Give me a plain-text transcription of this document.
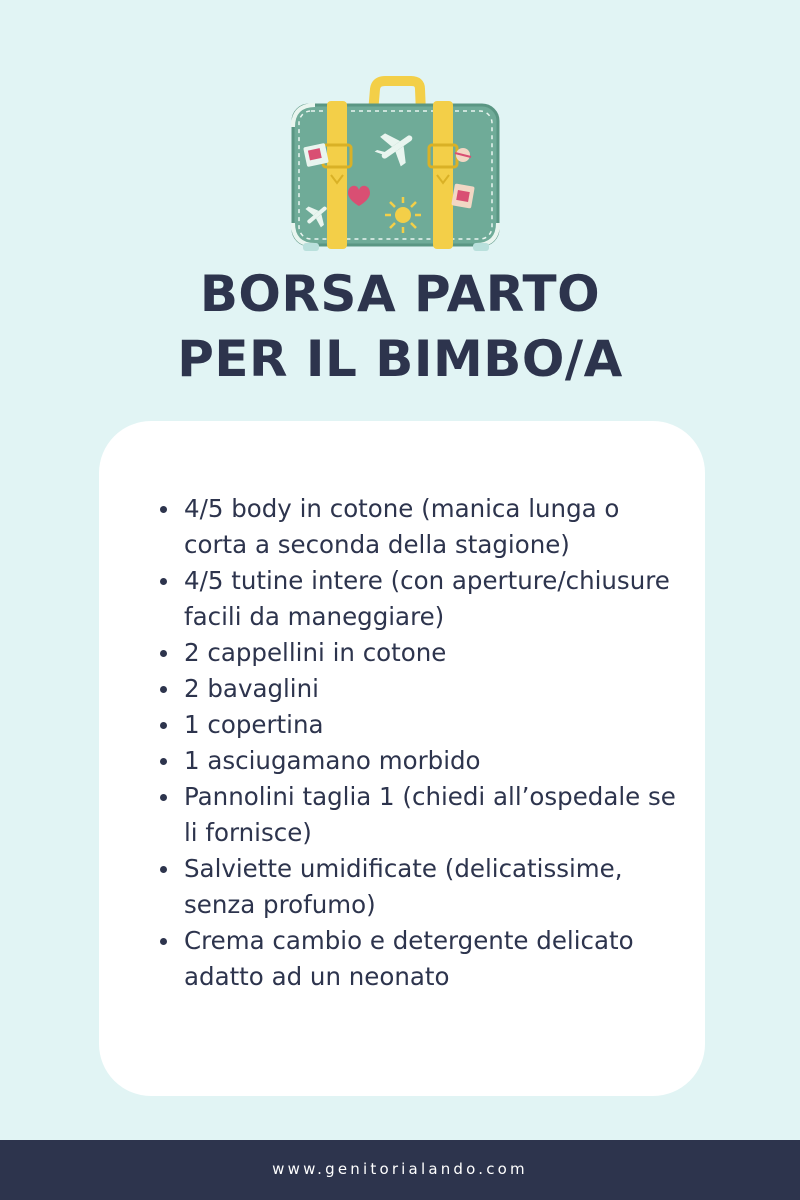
BORSA PARTO
PER IL BIMBO/A
4/5 body in cotone (manica lunga o corta a seconda della stagione)
4/5 tutine intere (con aperture/chiusure facili da maneggiare)
2 cappellini in cotone
2 bavaglini
1 copertina
1 asciugamano morbido
Pannolini taglia 1 (chiedi all’ospedale se li fornisce)
Salviette umidificate (delicatissime, senza profumo)
Crema cambio e detergente delicato adatto ad un neonato
www.genitorialando.com
